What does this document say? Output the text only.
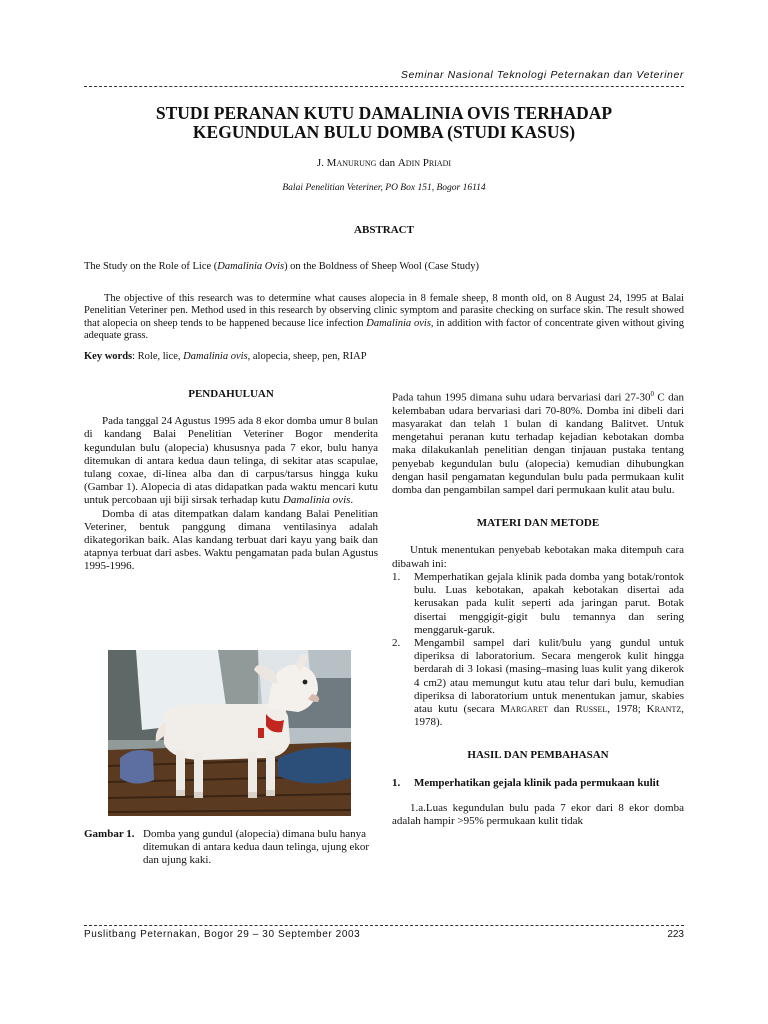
Seminar Nasional Teknologi Peternakan dan Veteriner
STUDI PERANAN KUTU DAMALINIA OVIS TERHADAP
KEGUNDULAN BULU DOMBA (STUDI KASUS)
J. Manurung dan Adin Priadi
Balai Penelitian Veteriner, PO Box 151, Bogor 16114
ABSTRACT
The Study on the Role of Lice (Damalinia Ovis) on the Boldness of Sheep Wool (Case Study)
The objective of this research was to determine what causes alopecia in 8 female sheep, 8 month old, on 8 August 24, 1995 at Balai Penelitian Veteriner pen. Method used in this research by observing clinic symptom and parasite checking on surface skin. The result showed that alopecia on sheep tends to be happened because lice infection Damalinia ovis, in addition with factor of concentrate given without giving adequate grass.
Key words: Role, lice, Damalinia ovis, alopecia, sheep, pen, RIAP
PENDAHULUAN

Pada tanggal 24 Agustus 1995 ada 8 ekor domba umur 8 bulan di kandang Balai Penelitian Veteriner Bogor menderita kegundulan bulu (alopecia) khususnya pada 7 ekor, bulu hanya ditemukan di antara kedua daun telinga, di sekitar atas scapulae, tulang coxae, di-linea alba dan di carpus/tarsus hingga kuku (Gambar 1). Alopecia di atas didapatkan pada waktu mencari kutu untuk percobaan uji biji sirsak terhadap kutu Damalinia ovis.

Domba di atas ditempatkan dalam kandang Balai Penelitian Veteriner, bentuk panggung dimana ventilasinya adalah dikategorikan baik. Alas kandang terbuat dari kayu yang baik dan atapnya terbuat dari asbes. Waktu pengamatan pada bulan Agustus 1995-1996.

Gambar 1. Domba yang gundul (alopecia) dimana bulu hanya ditemukan di antara kedua daun telinga, ujung ekor dan ujung kaki.

Pada tahun 1995 dimana suhu udara bervariasi dari $27-30^0$ C dan kelembaban udara bervariasi dari 70-80%. Domba ini dibeli dari masyarakat dan telah 1 bulan di kandang Balitvet. Untuk mengetahui peranan kutu terhadap kejadian kebotakan domba maka dilakukanlah penelitian dengan tinjauan pustaka tentang penyebab kegundulan bulu (alopecia) kemudian dihubungkan dengan hasil pengamatan kegundulan bulu pada permukaan kulit domba dan pengambilan sampel dari permukaan kulit atau bulu.

MATERI DAN METODE

Untuk menentukan penyebab kebotakan maka ditempuh cara dibawah ini:

1.	Memperhatikan gejala klinik pada domba yang botak/rontok bulu. Luas kebotakan, apakah kebotakan disertai ada kerusakan pada kulit seperti ada jaringan parut. Botak disertai menggigit-gigit bulu temannya dan sering menggaruk-garuk.
2.	Mengambil sampel dari kulit/bulu yang gundul untuk diperiksa di laboratorium. Secara mengerok kulit hingga berdarah di 3 lokasi (masing–masing luas kulit yang dikerok 4 cm2) atau memungut kutu atau telur dari bulu, kemudian diperiksa di laboratorium untuk menentukan jamur, skabies atau kutu (secara Margaret dan Russel, 1978; Krantz, 1978).
HASIL DAN PEMBAHASAN
1.	Memperhatikan gejala klinik pada permukaan kulit

1.a.Luas kegundulan bulu pada 7 ekor dari 8 ekor domba adalah hampir >95% permukaan kulit tidak

Puslitbang Peternakan, Bogor 29 – 30 September 2003	223
